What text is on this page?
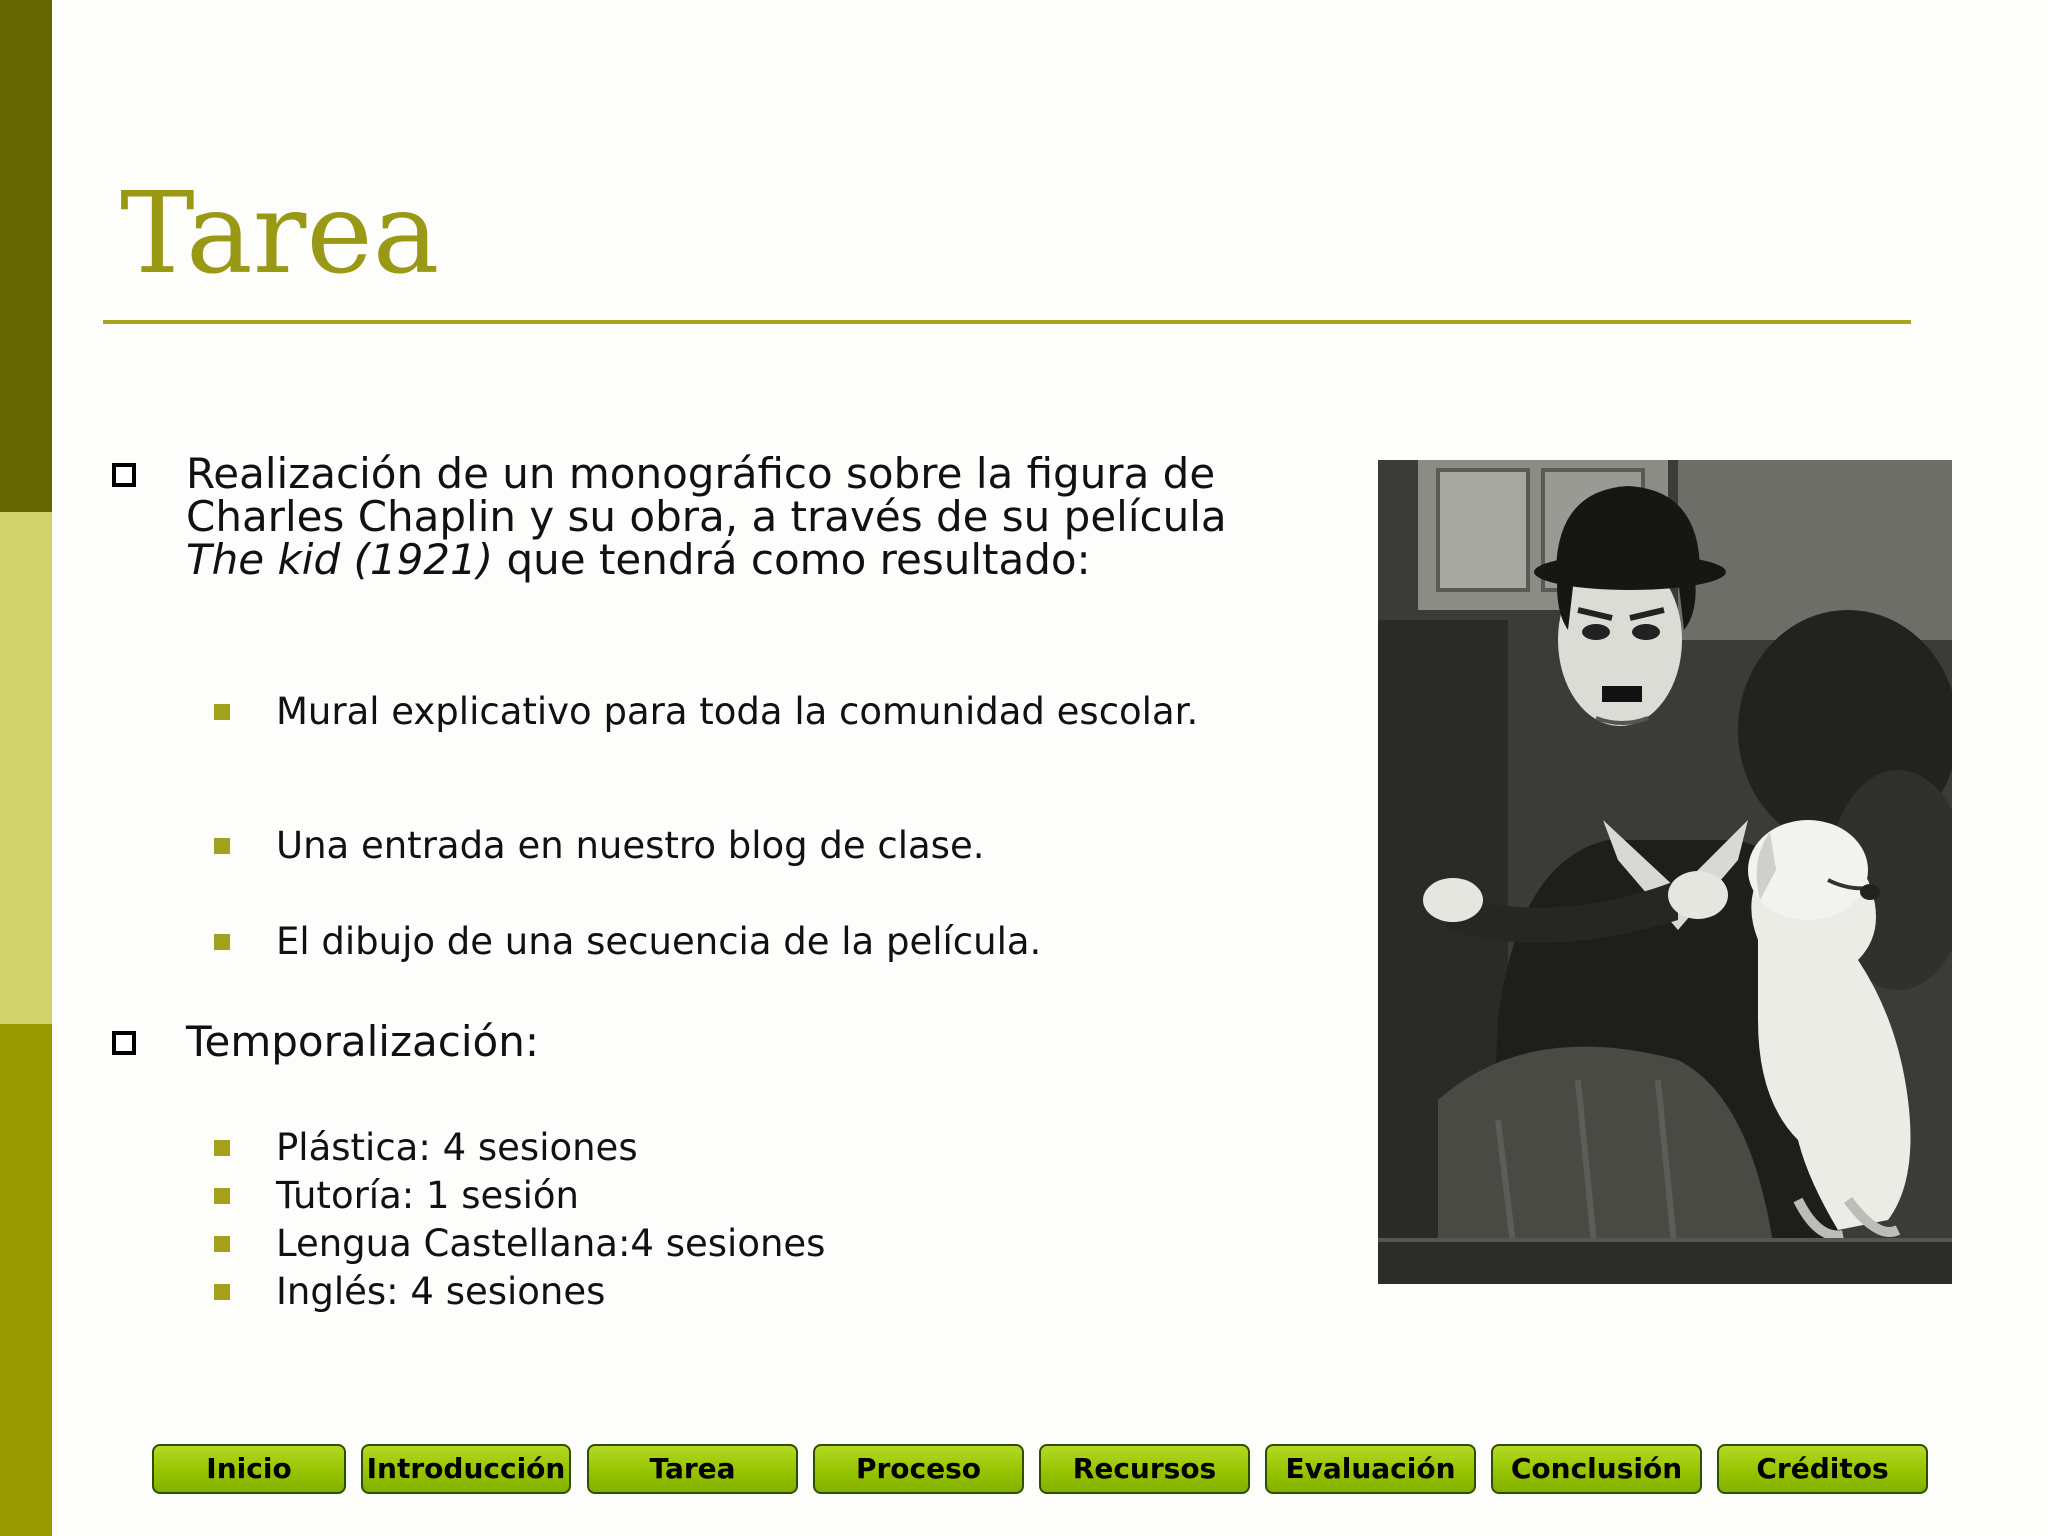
Tarea
Realización de un monográfico sobre la figura de Charles Chaplin y su obra, a través de su película The kid (1921) que tendrá como resultado:
Mural explicativo para toda la comunidad escolar.
Una entrada en nuestro blog de clase.
El dibujo de una secuencia de la película.
Temporalización:
Plástica: 4 sesiones
Tutoría: 1 sesión
Lengua Castellana:4 sesiones
Inglés: 4 sesiones
Inicio	Introducción	Tarea	Proceso	Recursos	Evaluación	Conclusión	Créditos
